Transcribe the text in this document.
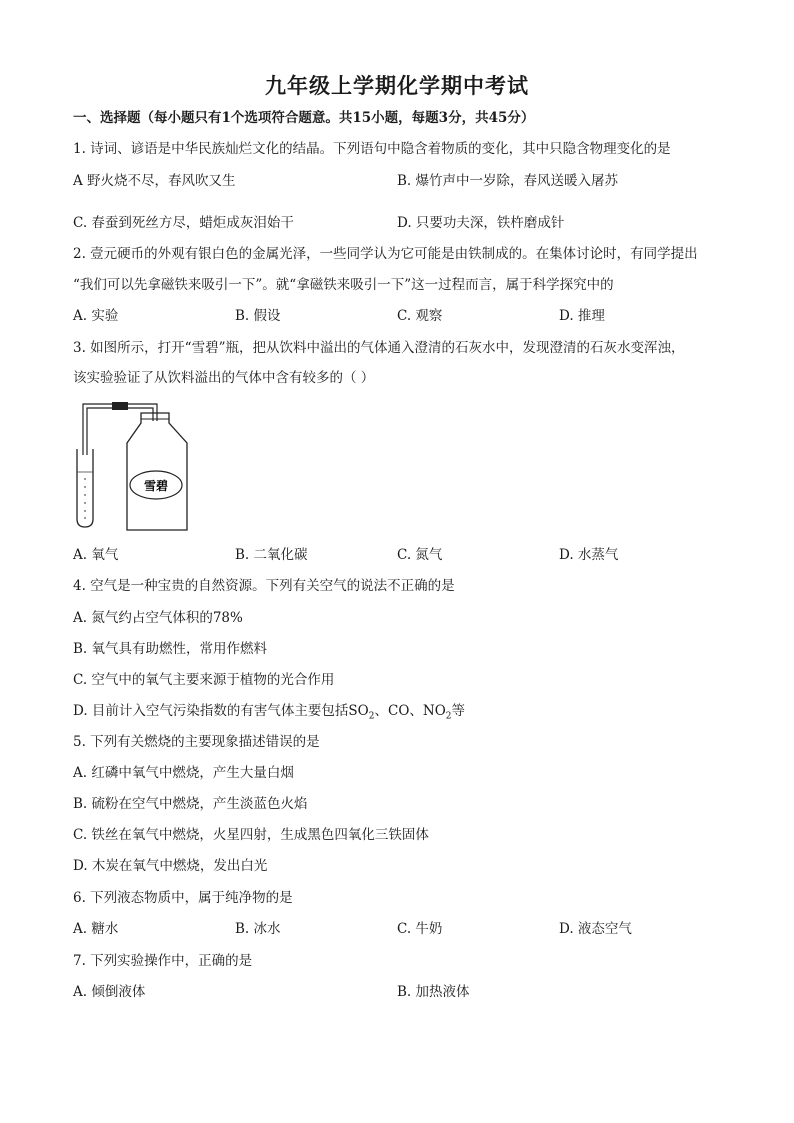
九年级上学期化学期中考试
一、选择题（每小题只有1个选项符合题意。共15小题，每题3分，共45分）
1. 诗词、谚语是中华民族灿烂文化的结晶。下列语句中隐含着物质的变化，其中只隐含物理变化的是
A 野火烧不尽，春风吹又生	B. 爆竹声中一岁除，春风送暖入屠苏
C. 春蚕到死丝方尽，蜡炬成灰泪始干	D. 只要功夫深，铁杵磨成针
2. 壹元硬币的外观有银白色的金属光泽，一些同学认为它可能是由铁制成的。在集体讨论时，有同学提出
“我们可以先拿磁铁来吸引一下”。就“拿磁铁来吸引一下”这一过程而言，属于科学探究中的
A. 实验	B. 假设	C. 观察	D. 推理
3. 如图所示，打开“雪碧”瓶，把从饮料中溢出的气体通入澄清的石灰水中，发现澄清的石灰水变浑浊，
该实验验证了从饮料溢出的气体中含有较多的（ ）
雪碧
A. 氧气	B. 二氧化碳	C. 氮气	D. 水蒸气
4. 空气是一种宝贵的自然资源。下列有关空气的说法不正确的是
A. 氮气约占空气体积的78%
B. 氧气具有助燃性，常用作燃料
C. 空气中的氧气主要来源于植物的光合作用
D. 目前计入空气污染指数的有害气体主要包括$SO_2$、CO、$NO_2$等
5. 下列有关燃烧的主要现象描述错误的是
A. 红磷中氧气中燃烧，产生大量白烟
B. 硫粉在空气中燃烧，产生淡蓝色火焰
C. 铁丝在氧气中燃烧，火星四射，生成黑色四氧化三铁固体
D. 木炭在氧气中燃烧，发出白光
6. 下列液态物质中，属于纯净物的是
A. 糖水	B. 冰水	C. 牛奶	D. 液态空气
7. 下列实验操作中，正确的是
A. 倾倒液体	B. 加热液体
